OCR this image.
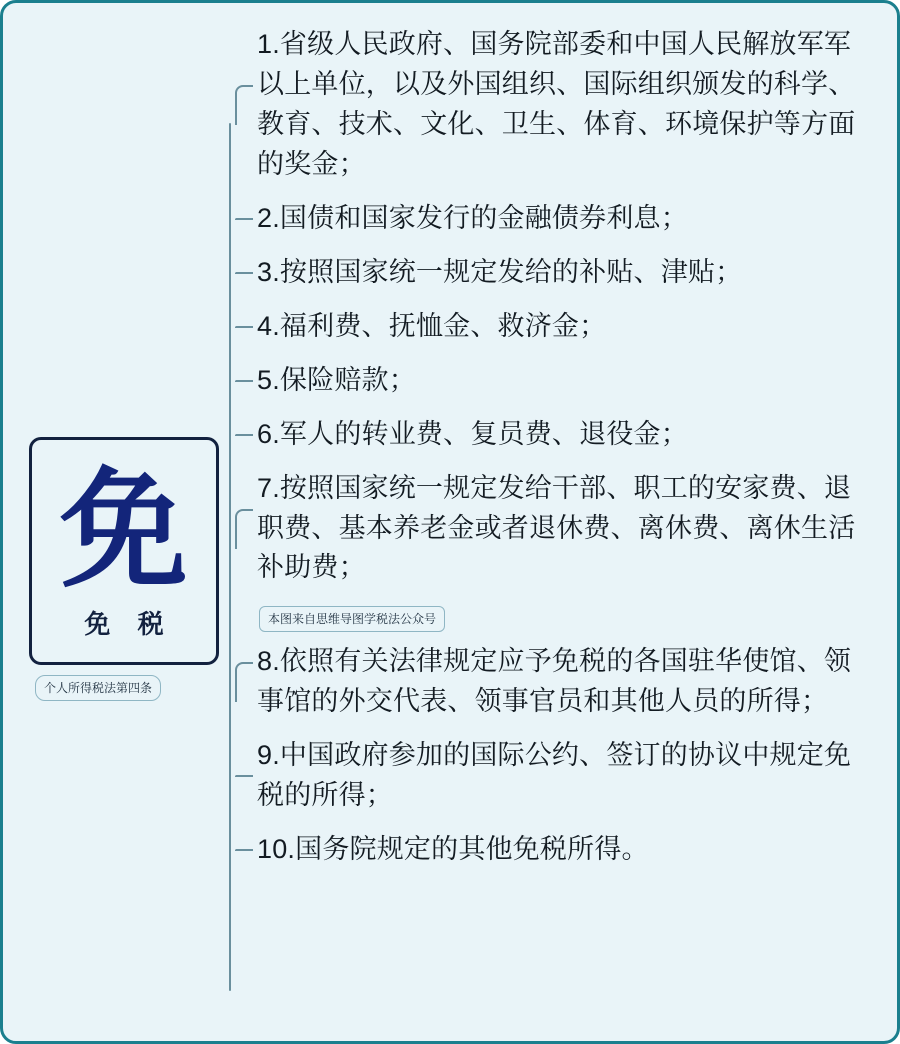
免
免 税
个人所得税法第四条
1.省级人民政府、国务院部委和中国人民解放军军以上单位，以及外国组织、国际组织颁发的科学、教育、技术、文化、卫生、体育、环境保护等方面的奖金；
2.国债和国家发行的金融债券利息；
3.按照国家统一规定发给的补贴、津贴；
4.福利费、抚恤金、救济金；
5.保险赔款；
6.军人的转业费、复员费、退役金；
7.按照国家统一规定发给干部、职工的安家费、退职费、基本养老金或者退休费、离休费、离休生活补助费；
本图来自思维导图学税法公众号
8.依照有关法律规定应予免税的各国驻华使馆、领事馆的外交代表、领事官员和其他人员的所得；
9.中国政府参加的国际公约、签订的协议中规定免税的所得；
10.国务院规定的其他免税所得。
